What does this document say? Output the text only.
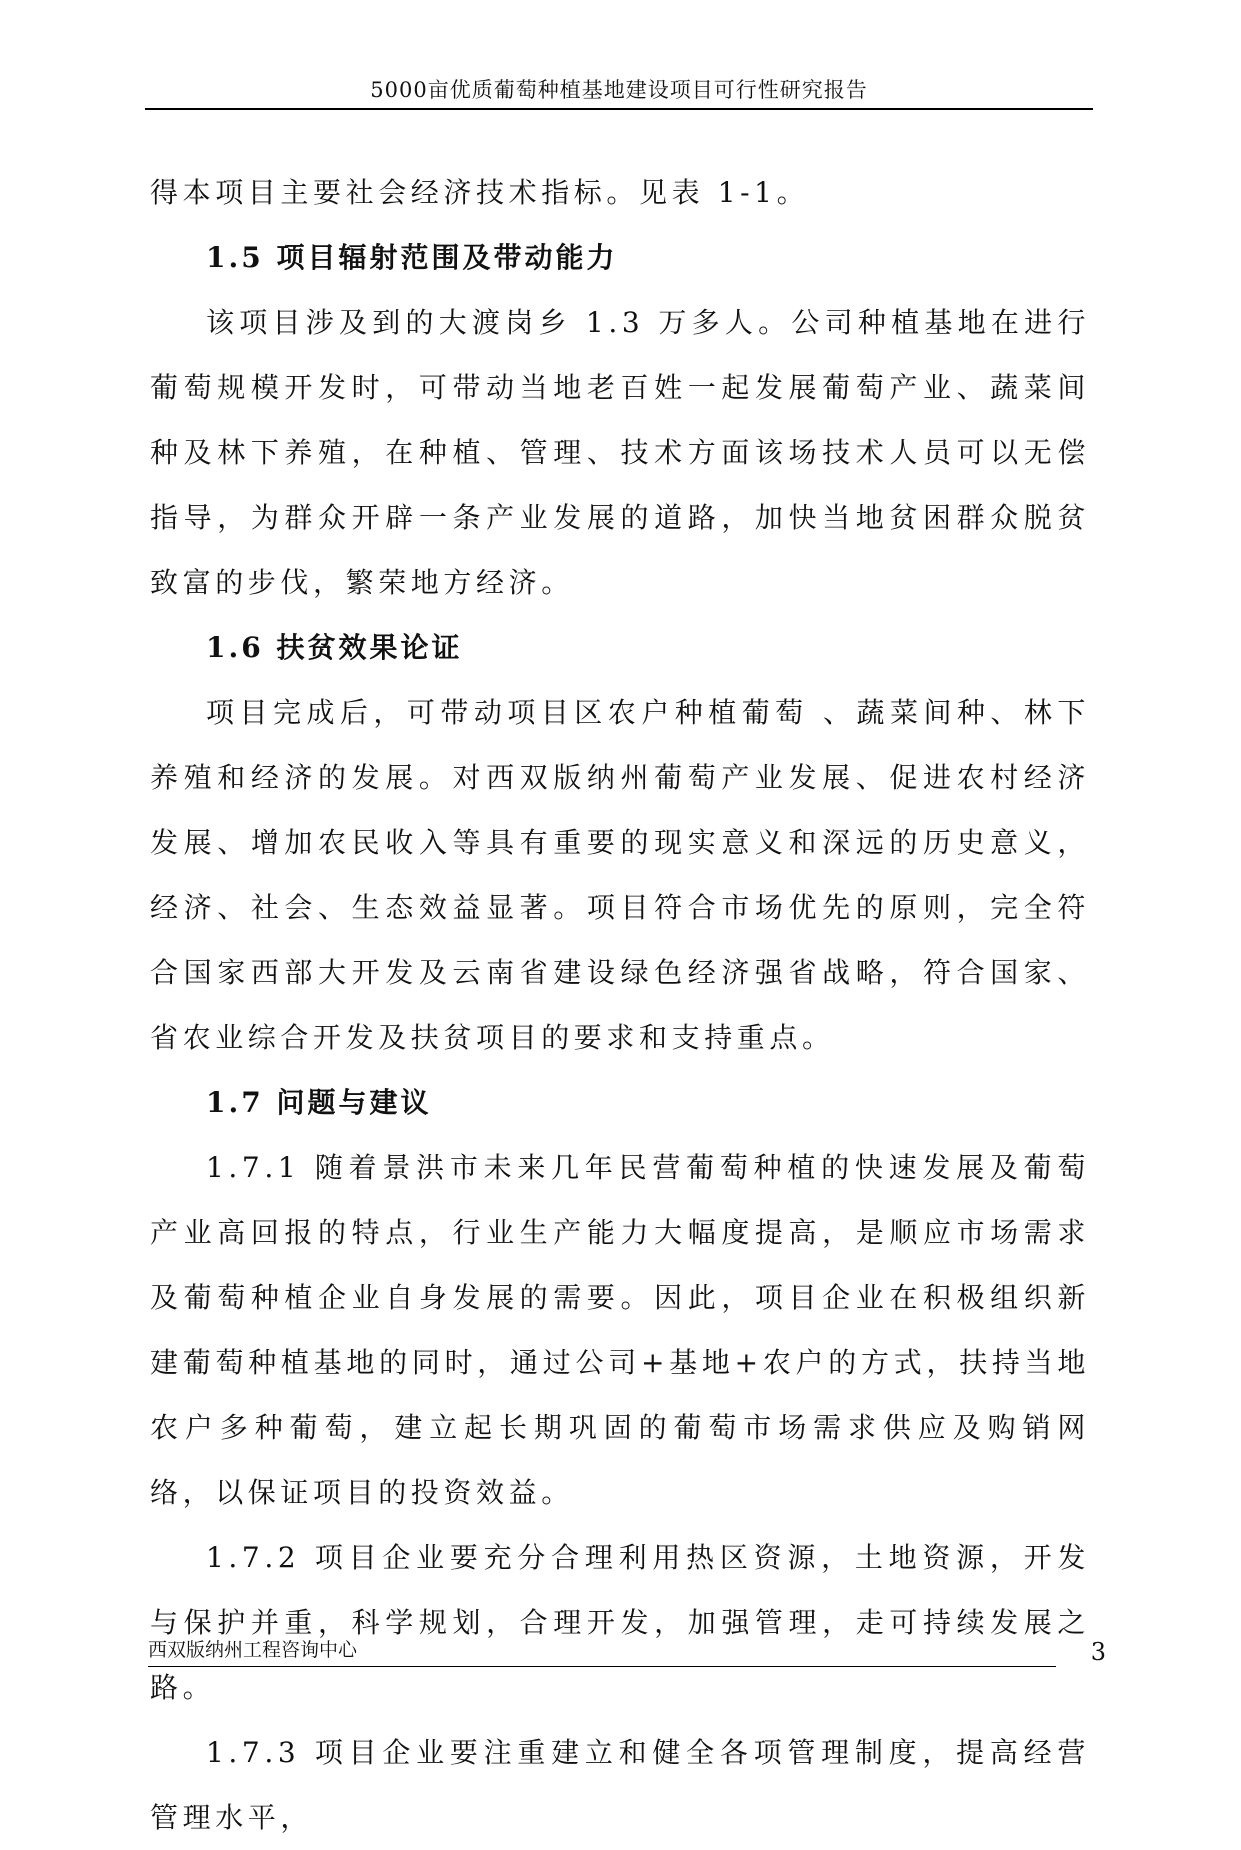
5000亩优质葡萄种植基地建设项目可行性研究报告

得本项目主要社会经济技术指标。见表 1-1。

1.5 项目辐射范围及带动能力

该项目涉及到的大渡岗乡 1.3 万多人。公司种植基地在进行葡萄规模开发时，可带动当地老百姓一起发展葡萄产业、蔬菜间种及林下养殖，在种植、管理、技术方面该场技术人员可以无偿指导，为群众开辟一条产业发展的道路，加快当地贫困群众脱贫致富的步伐，繁荣地方经济。

1.6 扶贫效果论证

项目完成后，可带动项目区农户种植葡萄 、蔬菜间种、林下养殖和经济的发展。对西双版纳州葡萄产业发展、促进农村经济发展、增加农民收入等具有重要的现实意义和深远的历史意义，经济、社会、生态效益显著。项目符合市场优先的原则，完全符合国家西部大开发及云南省建设绿色经济强省战略，符合国家、省农业综合开发及扶贫项目的要求和支持重点。

1.7 问题与建议

1.7.1 随着景洪市未来几年民营葡萄种植的快速发展及葡萄产业高回报的特点，行业生产能力大幅度提高，是顺应市场需求及葡萄种植企业自身发展的需要。因此，项目企业在积极组织新建葡萄种植基地的同时，通过公司+基地+农户的方式，扶持当地农户多种葡萄，建立起长期巩固的葡萄市场需求供应及购销网络，以保证项目的投资效益。

1.7.2 项目企业要充分合理利用热区资源，土地资源，开发与保护并重，科学规划，合理开发，加强管理，走可持续发展之路。

1.7.3 项目企业要注重建立和健全各项管理制度，提高经营管理水平，

西双版纳州工程咨询中心	3
